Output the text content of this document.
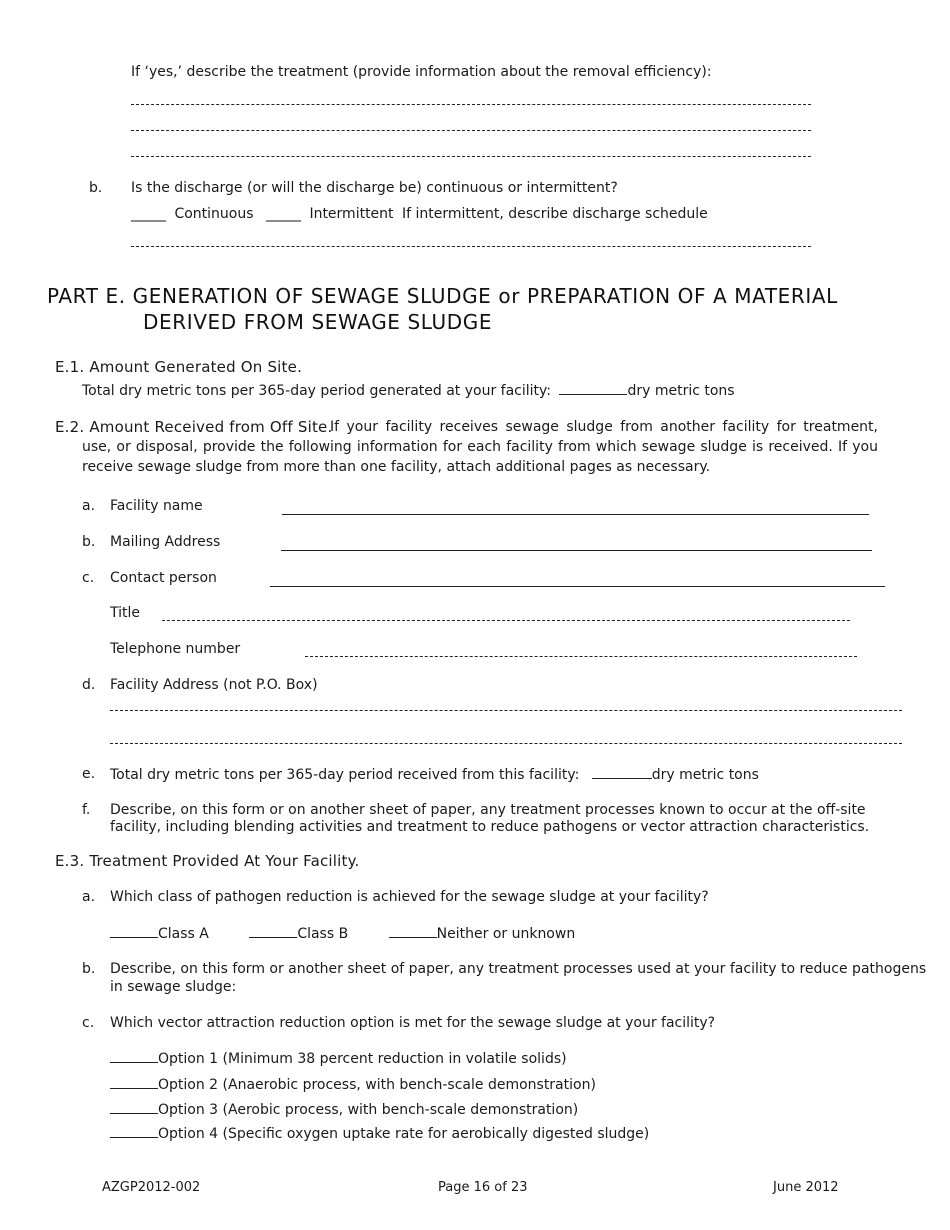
If ‘yes,’ describe the treatment (provide information about the removal efficiency):
b. Is the discharge (or will the discharge be) continuous or intermittent?
_____ Continuous _____ Intermittent If intermittent, describe discharge schedule
PART E. GENERATION OF SEWAGE SLUDGE or PREPARATION OF A MATERIAL
DERIVED FROM SEWAGE SLUDGE
E.1. Amount Generated On Site.
Total dry metric tons per 365-day period generated at your facility:	dry metric tons
E.2. Amount Received from Off Site.
If your facility receives sewage sludge from another facility for treatment, use, or disposal, provide the following information for each facility from which sewage sludge is received. If you receive sewage sludge from more than one facility, attach additional pages as necessary.
a. Facility name
b. Mailing Address
c. Contact person
Title
Telephone number
d. Facility Address (not P.O. Box)
e. Total dry metric tons per 365-day period received from this facility:	dry metric tons
f. Describe, on this form or on another sheet of paper, any treatment processes known to occur at the off-site
facility, including blending activities and treatment to reduce pathogens or vector attraction characteristics.
E.3. Treatment Provided At Your Facility.
a. Which class of pathogen reduction is achieved for the sewage sludge at your facility?
Class A	Class B	Neither or unknown
b. Describe, on this form or another sheet of paper, any treatment processes used at your facility to reduce pathogens
in sewage sludge:
c. Which vector attraction reduction option is met for the sewage sludge at your facility?
Option 1 (Minimum 38 percent reduction in volatile solids)
Option 2 (Anaerobic process, with bench-scale demonstration)
Option 3 (Aerobic process, with bench-scale demonstration)
Option 4 (Specific oxygen uptake rate for aerobically digested sludge)
AZGP2012-002	Page 16 of 23	June 2012
